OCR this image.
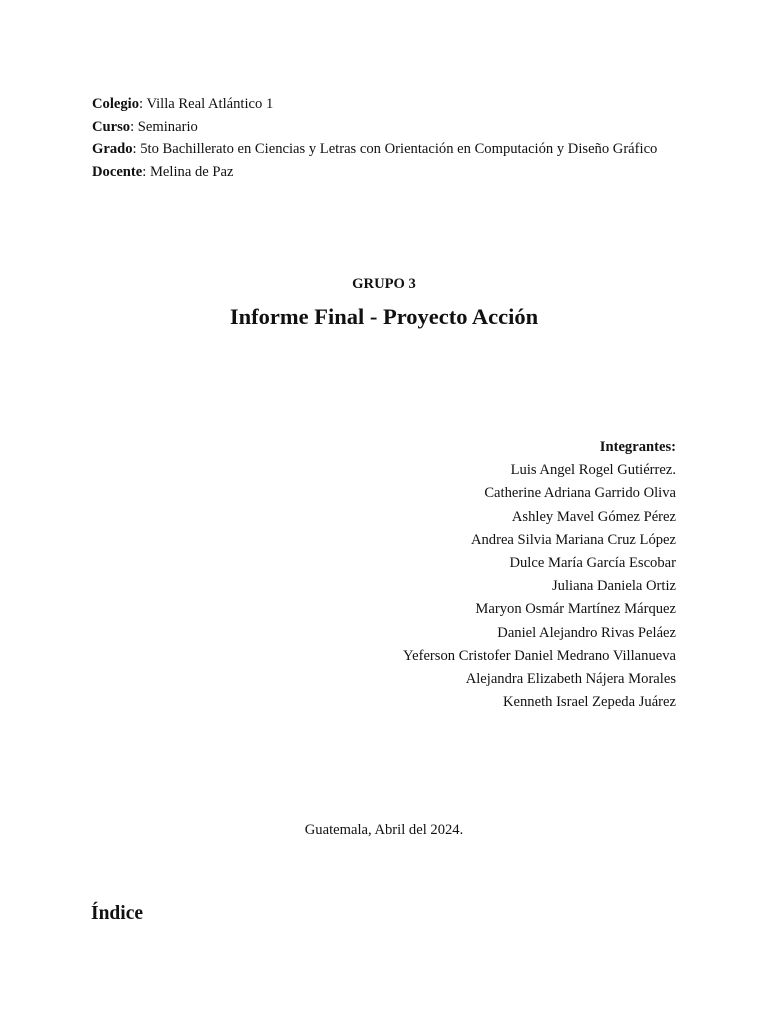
Colegio: Villa Real Atlántico 1
Curso: Seminario
Grado: 5to Bachillerato en Ciencias y Letras con Orientación en Computación y Diseño Gráfico
Docente: Melina de Paz
GRUPO 3
Informe Final - Proyecto Acción
Integrantes:
Luis Angel Rogel Gutiérrez.
Catherine Adriana Garrido Oliva
Ashley Mavel Gómez Pérez
Andrea Silvia Mariana Cruz López
Dulce María García Escobar
Juliana Daniela Ortiz
Maryon Osmár Martínez Márquez
Daniel Alejandro Rivas Peláez
Yeferson Cristofer Daniel Medrano Villanueva
Alejandra Elizabeth Nájera Morales
Kenneth Israel Zepeda Juárez
Guatemala, Abril del 2024.
Índice
